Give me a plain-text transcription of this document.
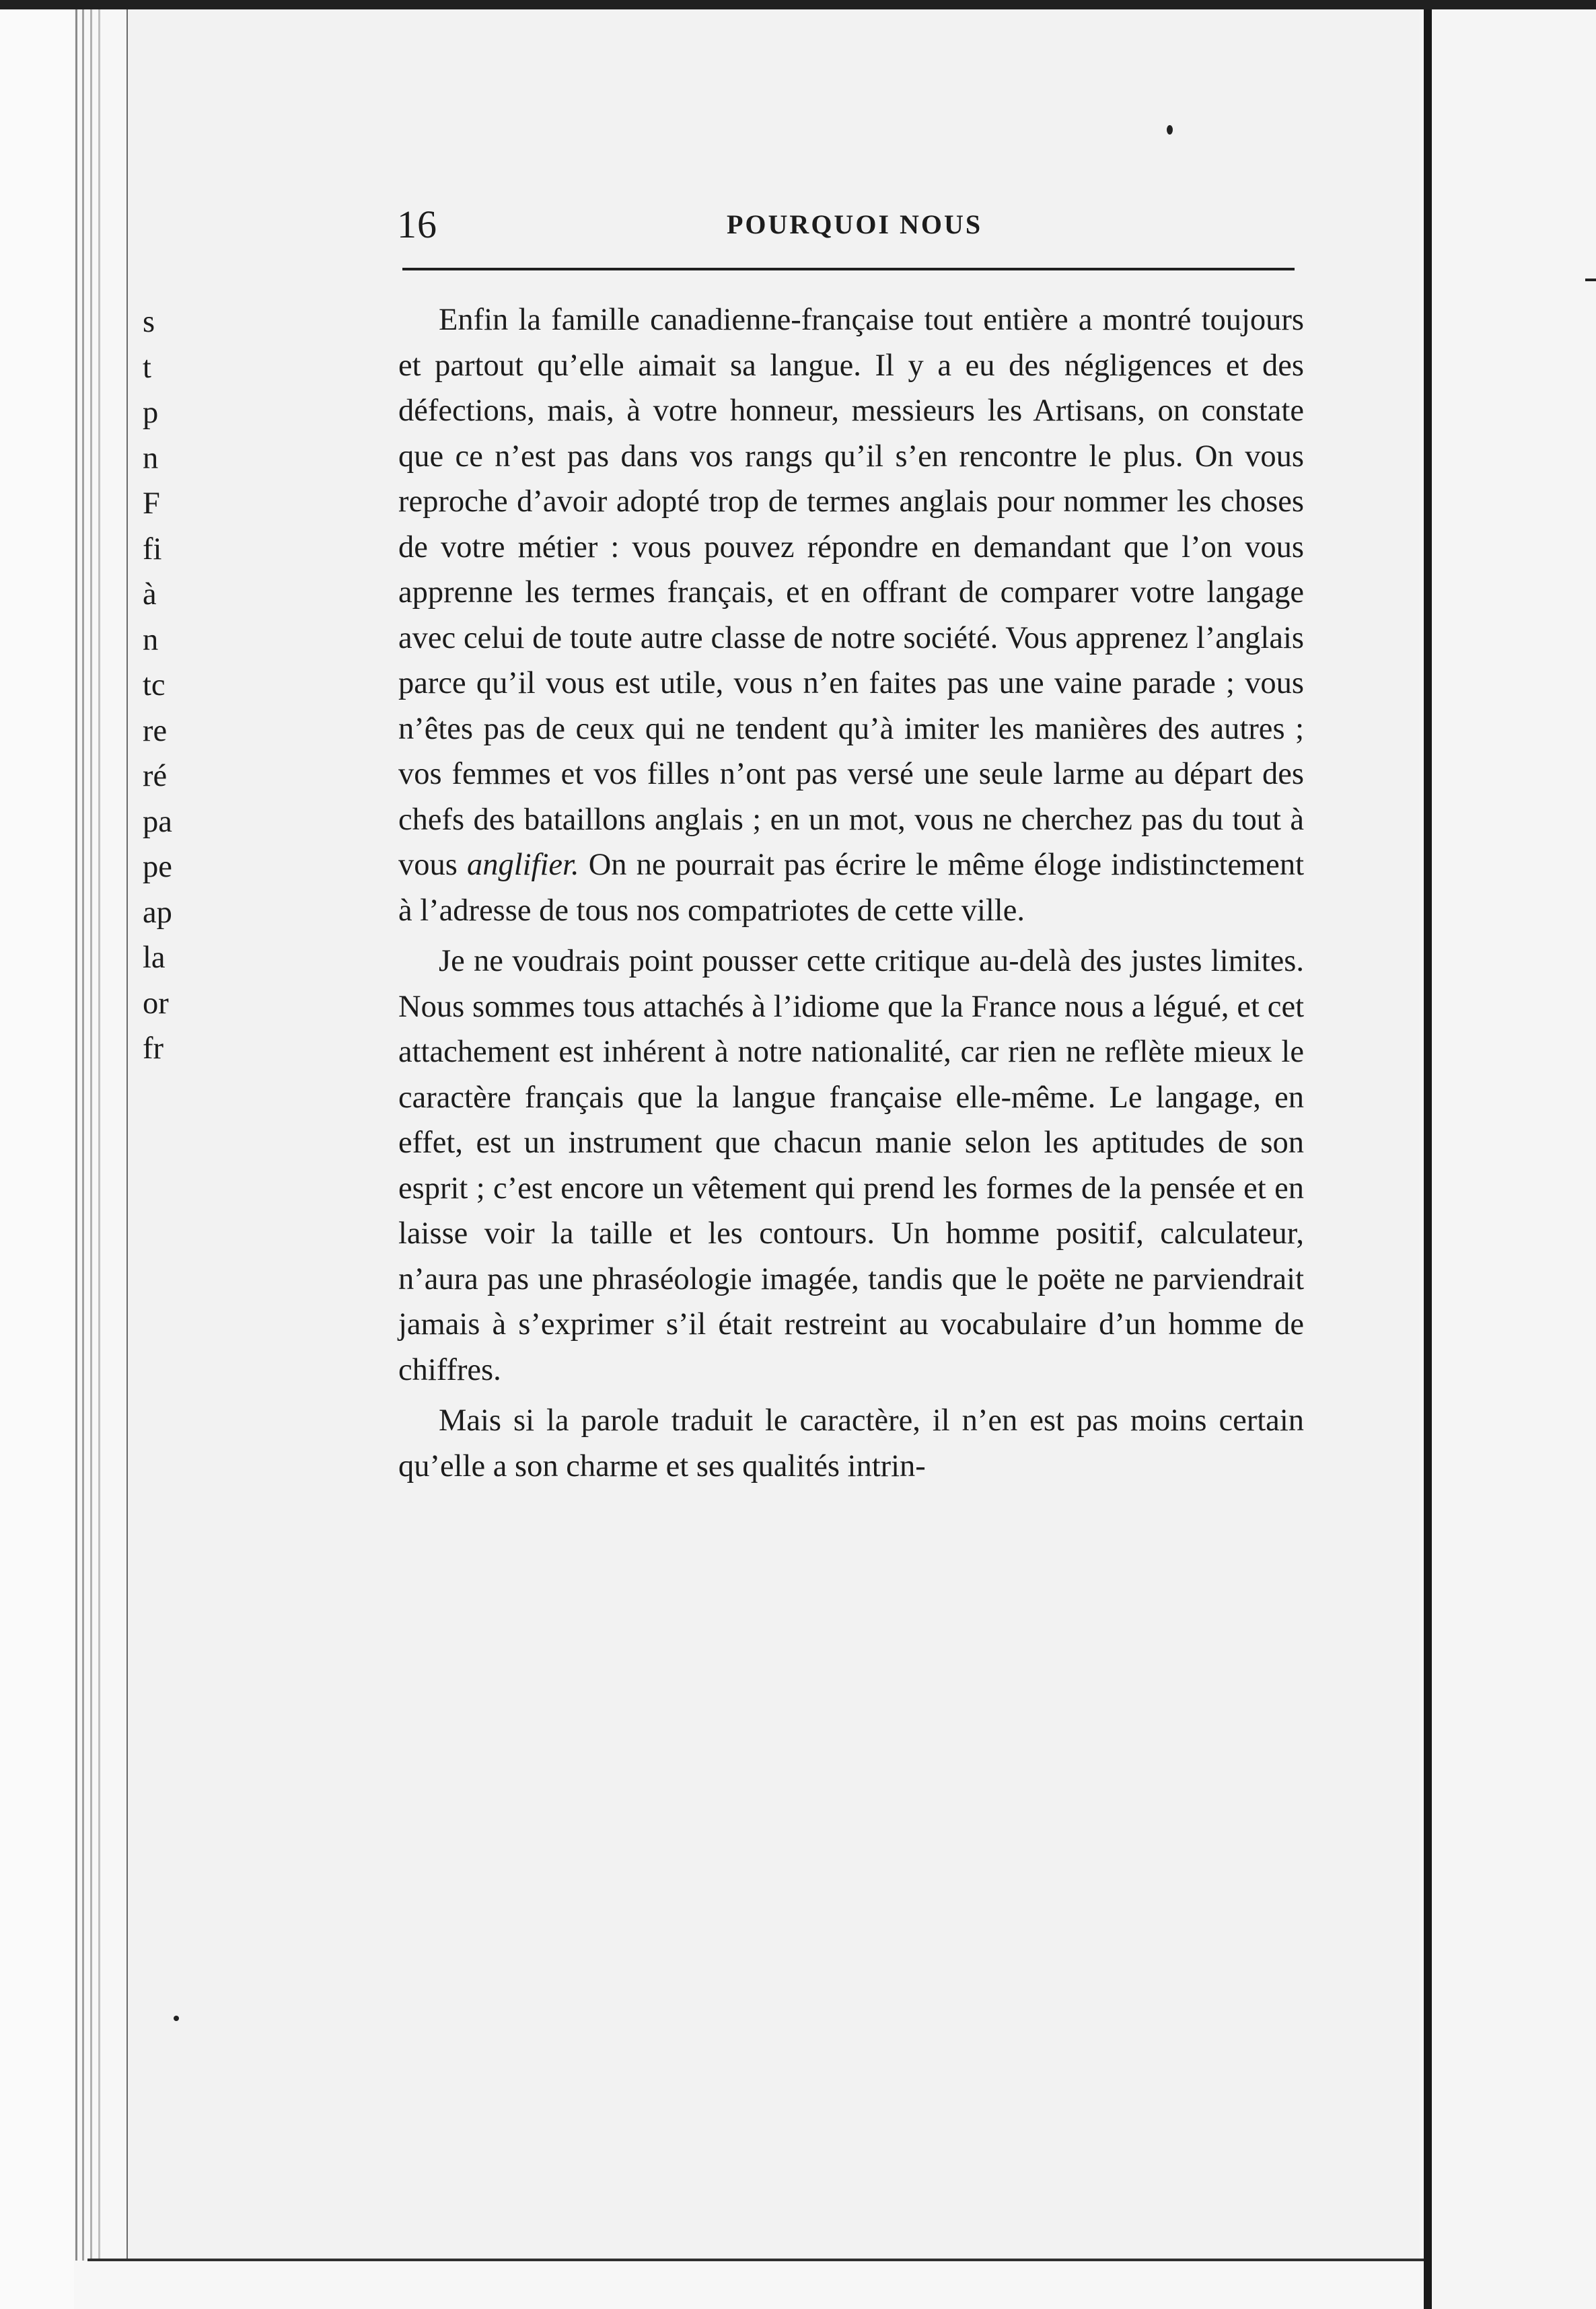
16	POURQUOI NOUS

Enfin la famille canadienne-française tout entière a montré toujours et partout qu’elle aimait sa langue. Il y a eu des négligences et des défections, mais, à votre honneur, messieurs les Artisans, on constate que ce n’est pas dans vos rangs qu’il s’en rencontre le plus. On vous reproche d’avoir adopté trop de termes anglais pour nommer les choses de votre métier : vous pouvez répondre en demandant que l’on vous apprenne les termes français, et en offrant de comparer votre langage avec celui de toute autre classe de notre société. Vous apprenez l’anglais parce qu’il vous est utile, vous n’en faites pas une vaine parade ; vous n’êtes pas de ceux qui ne tendent qu’à imiter les manières des autres ; vos femmes et vos filles n’ont pas versé une seule larme au départ des chefs des bataillons anglais ; en un mot, vous ne cherchez pas du tout à vous anglifier. On ne pourrait pas écrire le même éloge indistinctement à l’adresse de tous nos compatriotes de cette ville.

Je ne voudrais point pousser cette critique au-delà des justes limites. Nous sommes tous attachés à l’idiome que la France nous a légué, et cet attachement est inhérent à notre nationalité, car rien ne reflète mieux le caractère français que la langue française elle-même. Le langage, en effet, est un instrument que chacun manie selon les aptitudes de son esprit ; c’est encore un vêtement qui prend les formes de la pensée et en laisse voir la taille et les contours. Un homme positif, calculateur, n’aura pas une phraséologie imagée, tandis que le poëte ne parviendrait jamais à s’exprimer s’il était restreint au vocabulaire d’un homme de chiffres.

Mais si la parole traduit le caractère, il n’en est pas moins certain qu’elle a son charme et ses qualités intrin-

s
t
p
n
F
fi
à
n
tc
re
ré
pa
pe
ap
la
or
fr
